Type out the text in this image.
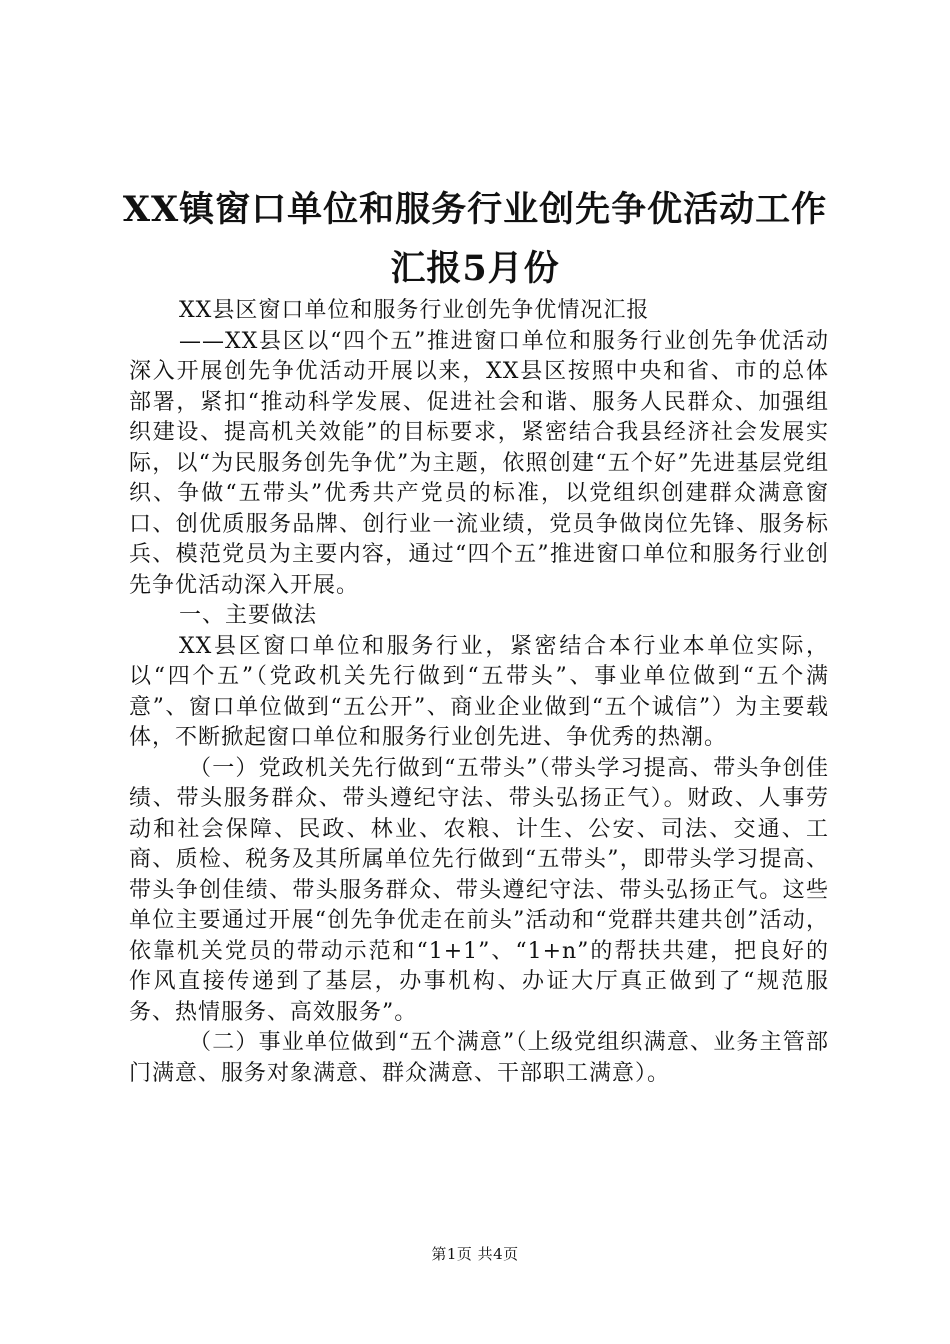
XX镇窗口单位和服务行业创先争优活动工作
汇报5月份

XX县区窗口单位和服务行业创先争优情况汇报

——XX县区以“四个五”推进窗口单位和服务行业创先争优活动深入开展创先争优活动开展以来，XX县区按照中央和省、市的总体部署，紧扣“推动科学发展、促进社会和谐、服务人民群众、加强组织建设、提高机关效能”的目标要求，紧密结合我县经济社会发展实际，以“为民服务创先争优”为主题，依照创建“五个好”先进基层党组织、争做“五带头”优秀共产党员的标准，以党组织创建群众满意窗口、创优质服务品牌、创行业一流业绩，党员争做岗位先锋、服务标兵、模范党员为主要内容，通过“四个五”推进窗口单位和服务行业创先争优活动深入开展。

一、主要做法

XX县区窗口单位和服务行业，紧密结合本行业本单位实际，以“四个五”（党政机关先行做到“五带头”、事业单位做到“五个满意”、窗口单位做到“五公开”、商业企业做到“五个诚信”）为主要载体，不断掀起窗口单位和服务行业创先进、争优秀的热潮。

（一）党政机关先行做到“五带头”（带头学习提高、带头争创佳绩、带头服务群众、带头遵纪守法、带头弘扬正气）。财政、人事劳动和社会保障、民政、林业、农粮、计生、公安、司法、交通、工商、质检、税务及其所属单位先行做到“五带头”，即带头学习提高、带头争创佳绩、带头服务群众、带头遵纪守法、带头弘扬正气。这些单位主要通过开展“创先争优走在前头”活动和“党群共建共创”活动，依靠机关党员的带动示范和“1+1”、“1+n”的帮扶共建，把良好的作风直接传递到了基层，办事机构、办证大厅真正做到了“规范服务、热情服务、高效服务”。

（二）事业单位做到“五个满意”（上级党组织满意、业务主管部门满意、服务对象满意、群众满意、干部职工满意）。

第1页 共4页
